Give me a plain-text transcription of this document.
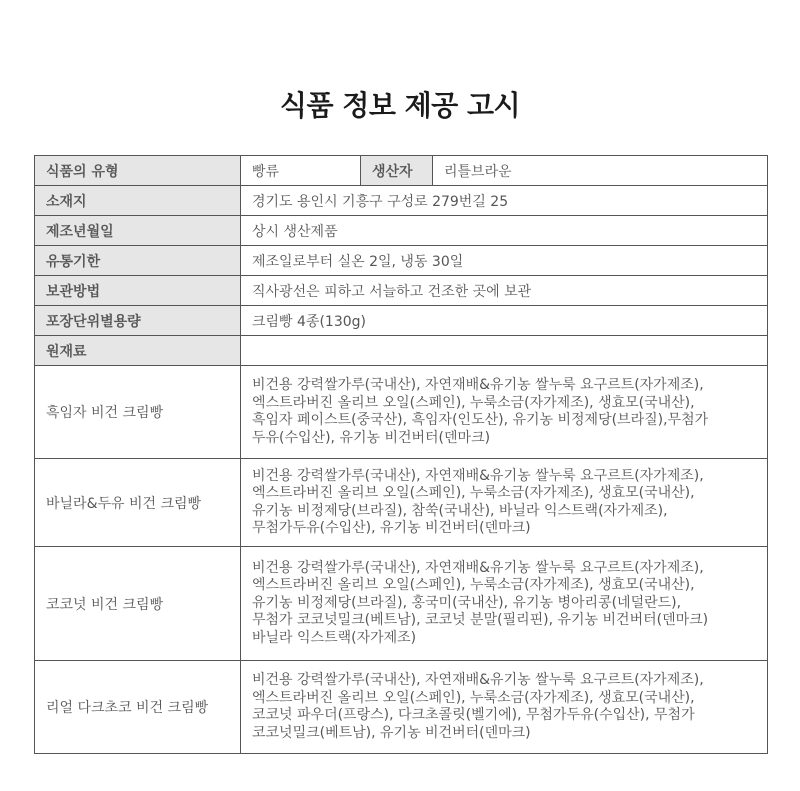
식품 정보 제공 고시
식품의 유형	빵류	생산자	리틀브라운
소재지	경기도 용인시 기흥구 구성로 279번길 25		
제조년월일	상시 생산제품		
유통기한	제조일로부터 실온 2일, 냉동 30일		
보관방법	직사광선은 피하고 서늘하고 건조한 곳에 보관		
포장단위별용량	크림빵 4종(130g)		
원재료			
흑임자 비건 크림빵	비건용 강력쌀가루(국내산), 자연재배&유기농 쌀누룩 요구르트(자가제조),
엑스트라버진 올리브 오일(스페인), 누룩소금(자가제조), 생효모(국내산),
흑임자 페이스트(중국산), 흑임자(인도산), 유기농 비정제당(브라질),무첨가
두유(수입산), 유기농 비건버터(덴마크)		

바닐라&두유 비건 크림빵	비건용 강력쌀가루(국내산), 자연재배&유기농 쌀누룩 요구르트(자가제조),
엑스트라버진 올리브 오일(스페인), 누룩소금(자가제조), 생효모(국내산),
유기농 비정제당(브라질), 참쑥(국내산), 바닐라 익스트랙(자가제조),
무첨가두유(수입산), 유기농 비건버터(덴마크)		

코코넛 비건 크림빵	비건용 강력쌀가루(국내산), 자연재배&유기농 쌀누룩 요구르트(자가제조),
엑스트라버진 올리브 오일(스페인), 누룩소금(자가제조), 생효모(국내산),
유기농 비정제당(브라질), 홍국미(국내산), 유기농 병아리콩(네덜란드),
무첨가 코코넛밀크(베트남), 코코넛 분말(필리핀), 유기농 비건버터(덴마크)
바닐라 익스트랙(자가제조)		

리얼 다크초코 비건 크림빵	비건용 강력쌀가루(국내산), 자연재배&유기농 쌀누룩 요구르트(자가제조),
엑스트라버진 올리브 오일(스페인), 누룩소금(자가제조), 생효모(국내산),
코코넛 파우더(프랑스), 다크초콜릿(벨기에), 무첨가두유(수입산), 무첨가
코코넛밀크(베트남), 유기농 비건버터(덴마크)		
